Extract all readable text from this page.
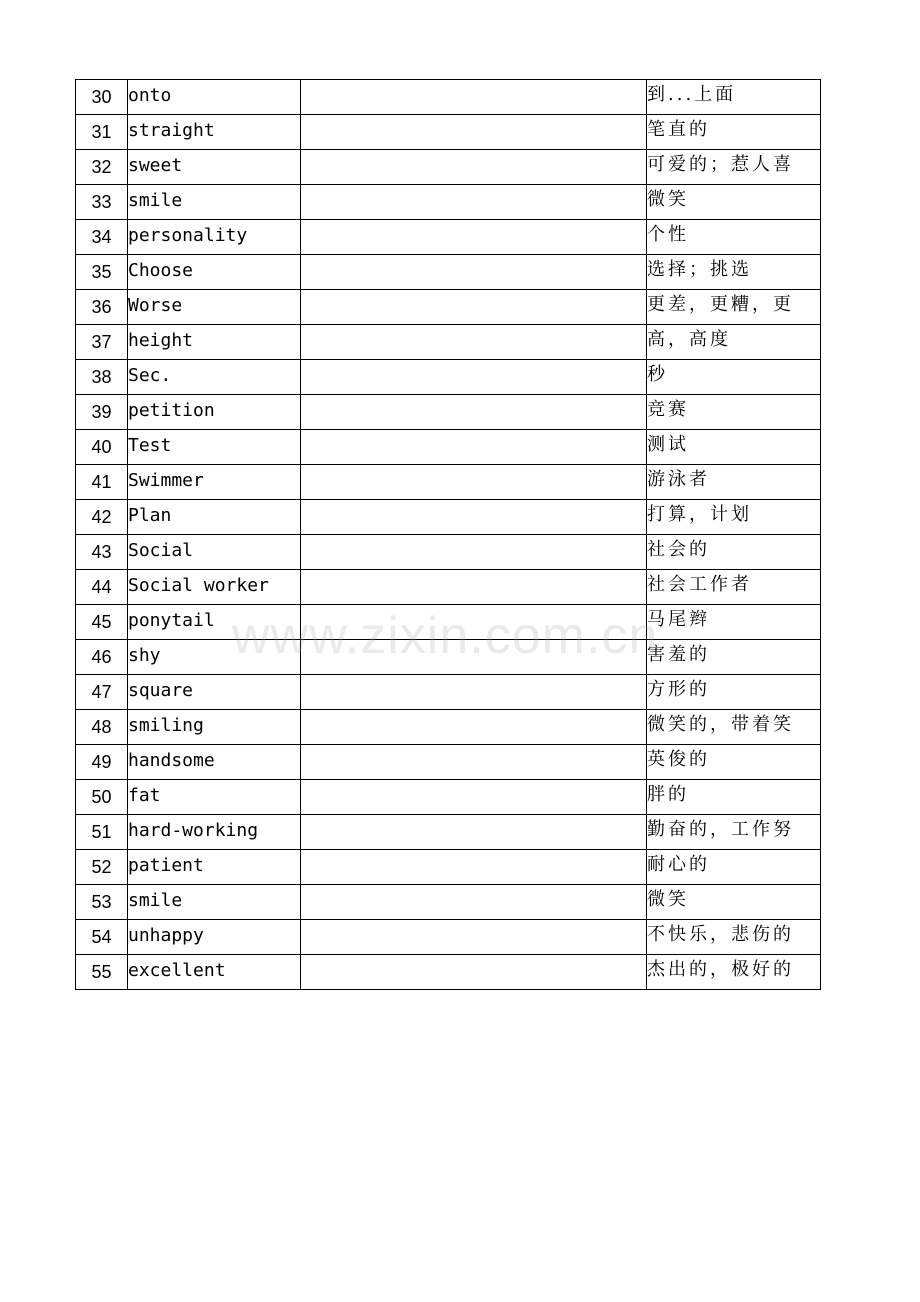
30	onto		到...上面
31	straight		笔直的
32	sweet		可爱的；惹人喜
33	smile		微笑
34	personality		个性
35	Choose		选择；挑选
36	Worse		更差，更糟，更
37	height		高，高度
38	Sec.		秒
39	petition		竞赛
40	Test		测试
41	Swimmer		游泳者
42	Plan		打算，计划
43	Social		社会的
44	Social worker		社会工作者
45	ponytail		马尾辫
46	shy		害羞的
47	square		方形的
48	smiling		微笑的，带着笑
49	handsome		英俊的
50	fat		胖的
51	hard-working		勤奋的，工作努
52	patient		耐心的
53	smile		微笑
54	unhappy		不快乐，悲伤的
55	excellent		杰出的，极好的
www.zixin.com.cn
